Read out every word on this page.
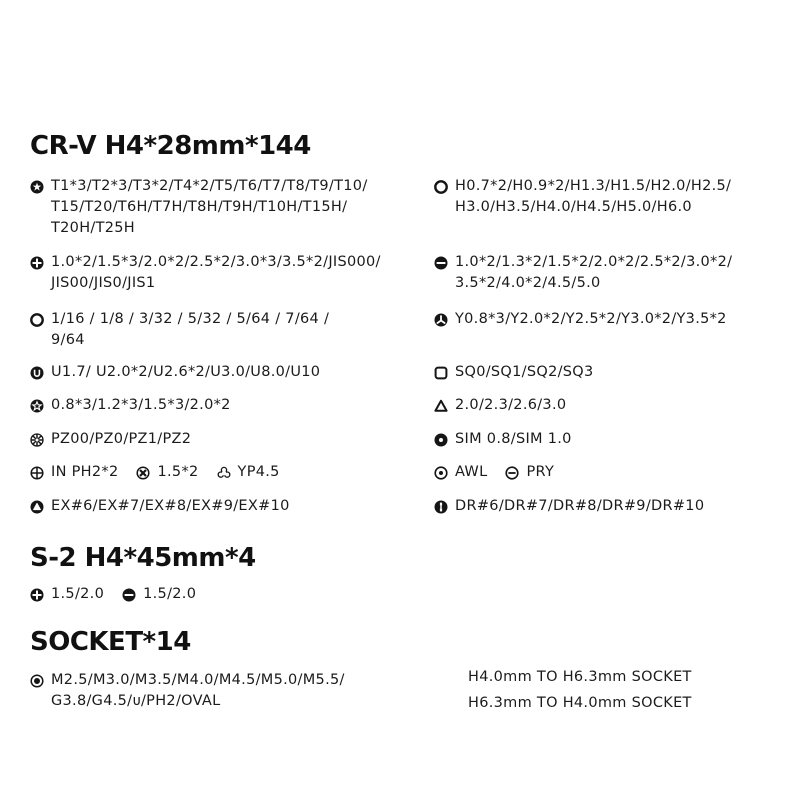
CR-V H4*28mm*144
S-2 H4*45mm*4
SOCKET*14
T1*3/T2*3/T3*2/T4*2/T5/T6/T7/T8/T9/T10/
T15/T20/T6H/T7H/T8H/T9H/T10H/T15H/
T20H/T25H
1.0*2/1.5*3/2.0*2/2.5*2/3.0*3/3.5*2/JIS000/
JIS00/JIS0/JIS1
1/16 / 1/8 / 3/32 / 5/32 / 5/64 / 7/64 /
9/64
U1.7/ U2.0*2/U2.6*2/U3.0/U8.0/U10
0.8*3/1.2*3/1.5*3/2.0*2
PZ00/PZ0/PZ1/PZ2
IN PH2*2	1.5*2	YP4.5
EX#6/EX#7/EX#8/EX#9/EX#10
H0.7*2/H0.9*2/H1.3/H1.5/H2.0/H2.5/
H3.0/H3.5/H4.0/H4.5/H5.0/H6.0
1.0*2/1.3*2/1.5*2/2.0*2/2.5*2/3.0*2/
3.5*2/4.0*2/4.5/5.0
Y0.8*3/Y2.0*2/Y2.5*2/Y3.0*2/Y3.5*2
SQ0/SQ1/SQ2/SQ3
2.0/2.3/2.6/3.0
SIM 0.8/SIM 1.0
AWL	PRY
DR#6/DR#7/DR#8/DR#9/DR#10
1.5/2.0	1.5/2.0
M2.5/M3.0/M3.5/M4.0/M4.5/M5.0/M5.5/
G3.8/G4.5/ᴜ/PH2/OVAL
H4.0mm TO H6.3mm SOCKET
H6.3mm TO H4.0mm SOCKET
